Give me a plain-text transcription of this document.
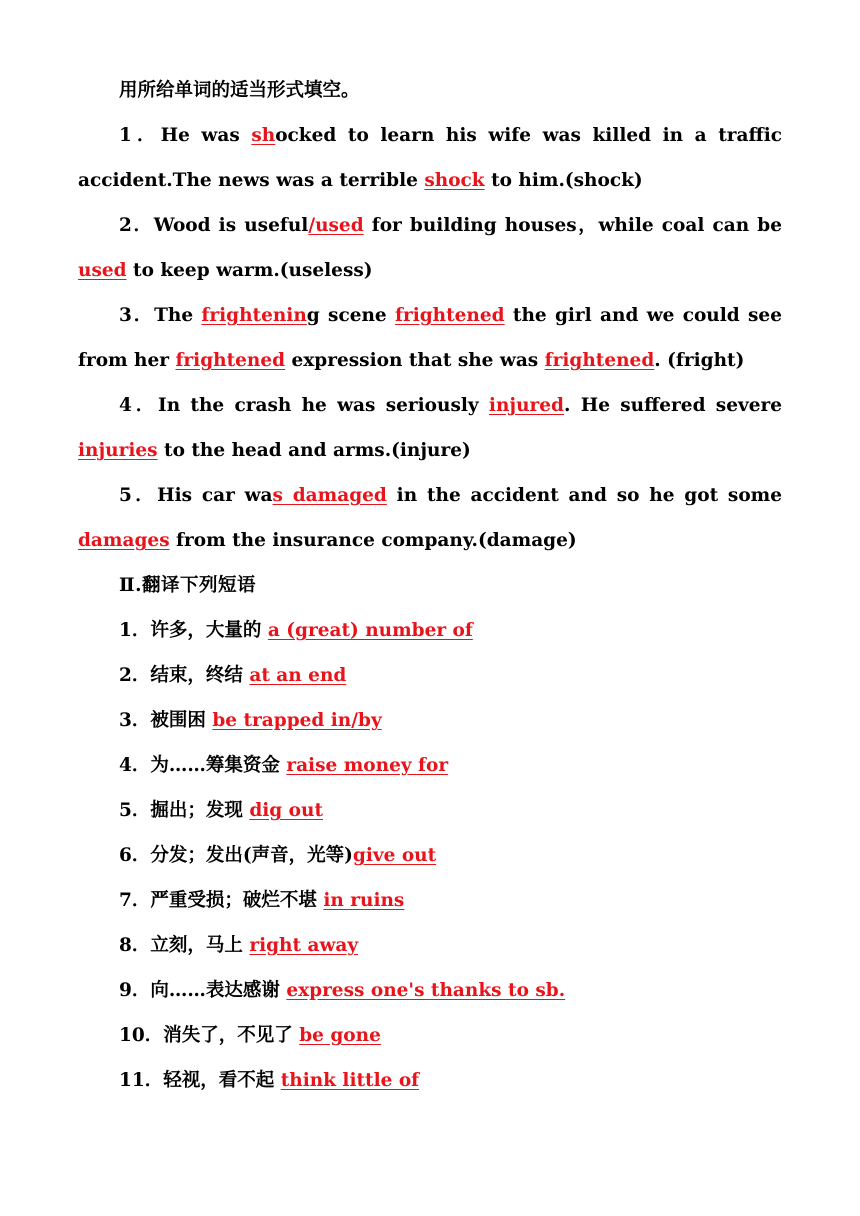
用所给单词的适当形式填空。

1．He was shocked to learn his wife was killed in a traffic accident.The news was a terrible shock to him.(shock)

2．Wood is useful/used for building houses，while coal can be used to keep warm.(useless)

3．The frightening scene frightened the girl and we could see from her frightened expression that she was frightened. (fright)

4．In the crash he was seriously injured. He suffered severe injuries to the head and arms.(injure)

5．His car was damaged in the accident and so he got some damages from the insurance company.(damage)

Ⅱ.翻译下列短语

1．许多，大量的 a (great) number of

2．结束，终结 at an end

3．被围困 be trapped in/by

4．为……筹集资金 raise money for

5．掘出；发现 dig out

6．分发；发出(声音，光等)give out

7．严重受损；破烂不堪 in ruins

8．立刻，马上 right away

9．向……表达感谢 express one's thanks to sb.

10．消失了，不见了 be gone

11．轻视，看不起 think little of
